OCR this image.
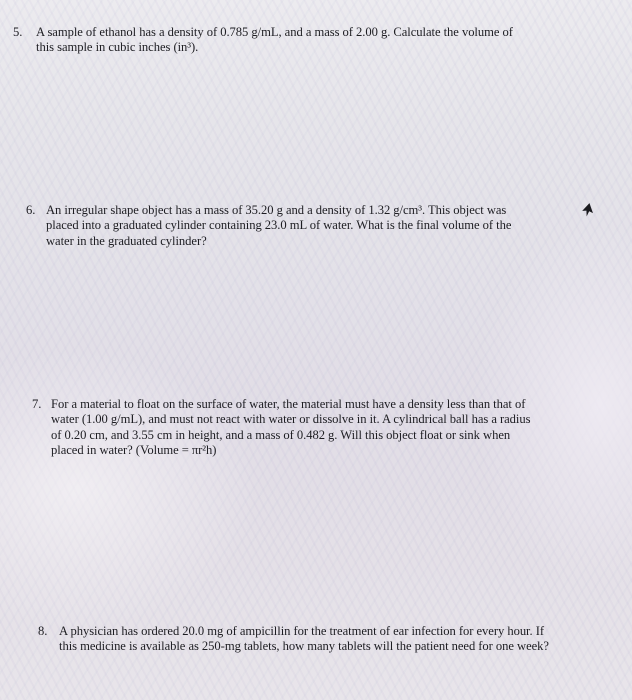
5. A sample of ethanol has a density of 0.785 g/mL, and a mass of 2.00 g. Calculate the volume of
this sample in cubic inches (in³).
6. An irregular shape object has a mass of 35.20 g and a density of 1.32 g/cm³. This object was
placed into a graduated cylinder containing 23.0 mL of water. What is the final volume of the
water in the graduated cylinder?
7. For a material to float on the surface of water, the material must have a density less than that of
water (1.00 g/mL), and must not react with water or dissolve in it. A cylindrical ball has a radius
of 0.20 cm, and 3.55 cm in height, and a mass of 0.482 g. Will this object float or sink when
placed in water? (Volume = πr²h)
8. A physician has ordered 20.0 mg of ampicillin for the treatment of ear infection for every hour. If
this medicine is available as 250-mg tablets, how many tablets will the patient need for one week?
